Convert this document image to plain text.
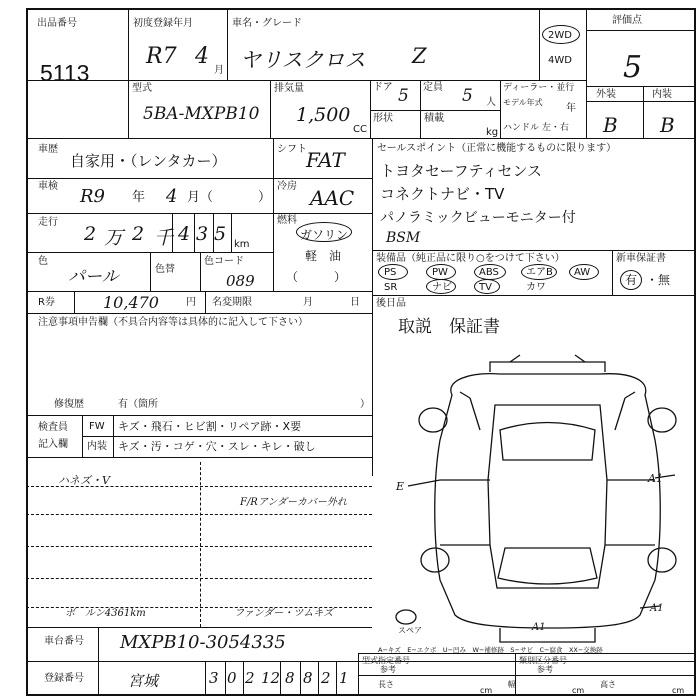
出品番号
5113
初度登録年月
R7 4
月
車名・グレード
ヤリスクロス Z
2WD
4WD
評価点
5
型式
5BA-MXPB10
排気量
1,500
CC
ドア 5 定員 5 人
形状	積載
kg
ディーラー・並行
モデル年式
年
ハンドル 左・右
外装	内装
B B
車歴
自家用・（レンタカー）
シフト FAT
車検 R9 年 4 月（	）
冷房 AAC
走行
2 万 2 千 4 3 5 km
燃料
ガソリン
軽　油
（　　　）
色
パール	色替
色コード
089
R券	10,470	円 名変期限	月	日
セールスポイント（正常に機能するものに限ります）
トヨタセーフティセンス
コネクトナビ・TV
パノラミックビューモニター付
BSM
装備品（純正品に限り○をつけて下さい）
PS	PW	ABS	エアB AW
SR	ナビ	TV	カワ
新車保証書
有 ・無
後日品
取説　保証書
注意事項申告欄（不具合内容等は具体的に記入して下さい）
修復歴	有（箇所	）
検査員
記入欄
FW キズ・飛石・ヒビ割・リペア跡・X要
内装 キズ・汚・コゲ・穴・スレ・キレ・破し
ハネズ・V
F/Rアンダーカバー外れ
ボ　ルン4361km	ファンダー・ツムキズ
A1
E
A1
A1
スペア
A−キズ　E−エクボ　U−凹み　W−補修跡　S−サビ　C−腐食　XX−交換跡
車台番号 MXPB10-3054335
登録番号	宮城	3 0 2 12 8 8 2 1
型式指定番号
参考
類別区分番号
参考
長さ
cm
幅
cm
高さ
cm
